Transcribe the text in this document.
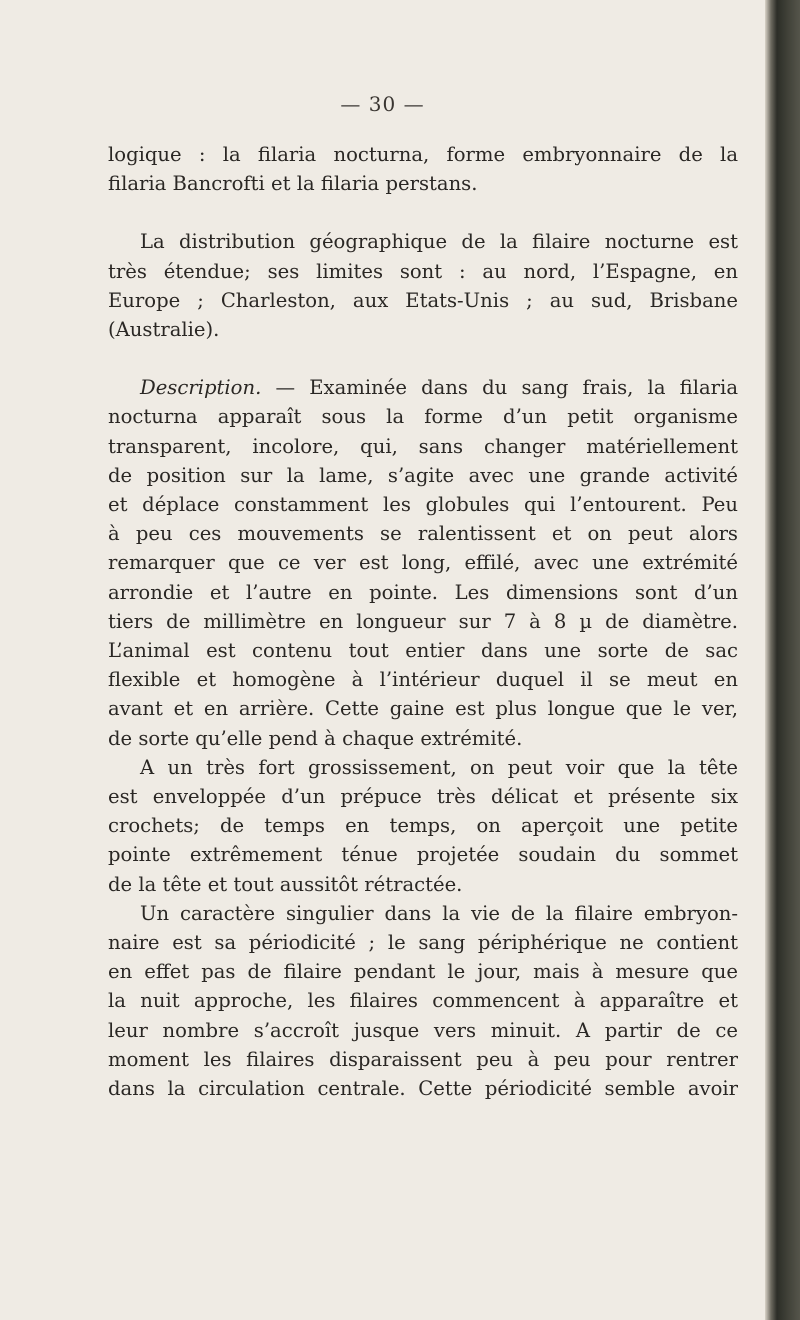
— 30 —

logique : la filaria nocturna, forme embryonnaire de la
filaria Bancrofti et la filaria perstans.

La distribution géographique de la filaire nocturne est
très étendue; ses limites sont : au nord, l’Espagne, en
Europe ; Charleston, aux Etats-Unis ; au sud, Brisbane
(Australie).

Description. — Examinée dans du sang frais, la filaria
nocturna apparaît sous la forme d’un petit organisme
transparent, incolore, qui, sans changer matériellement
de position sur la lame, s’agite avec une grande activité
et déplace constamment les globules qui l’entourent. Peu
à peu ces mouvements se ralentissent et on peut alors
remarquer que ce ver est long, effilé, avec une extrémité
arrondie et l’autre en pointe. Les dimensions sont d’un
tiers de millimètre en longueur sur 7 à 8 µ de diamètre.
L’animal est contenu tout entier dans une sorte de sac
flexible et homogène à l’intérieur duquel il se meut en
avant et en arrière. Cette gaine est plus longue que le ver,
de sorte qu’elle pend à chaque extrémité.

A un très fort grossissement, on peut voir que la tête
est enveloppée d’un prépuce très délicat et présente six
crochets; de temps en temps, on aperçoit une petite
pointe extrêmement ténue projetée soudain du sommet
de la tête et tout aussitôt rétractée.

Un caractère singulier dans la vie de la filaire embryon-
naire est sa périodicité ; le sang périphérique ne contient
en effet pas de filaire pendant le jour, mais à mesure que
la nuit approche, les filaires commencent à apparaître et
leur nombre s’accroît jusque vers minuit. A partir de ce
moment les filaires disparaissent peu à peu pour rentrer
dans la circulation centrale. Cette périodicité semble avoir
